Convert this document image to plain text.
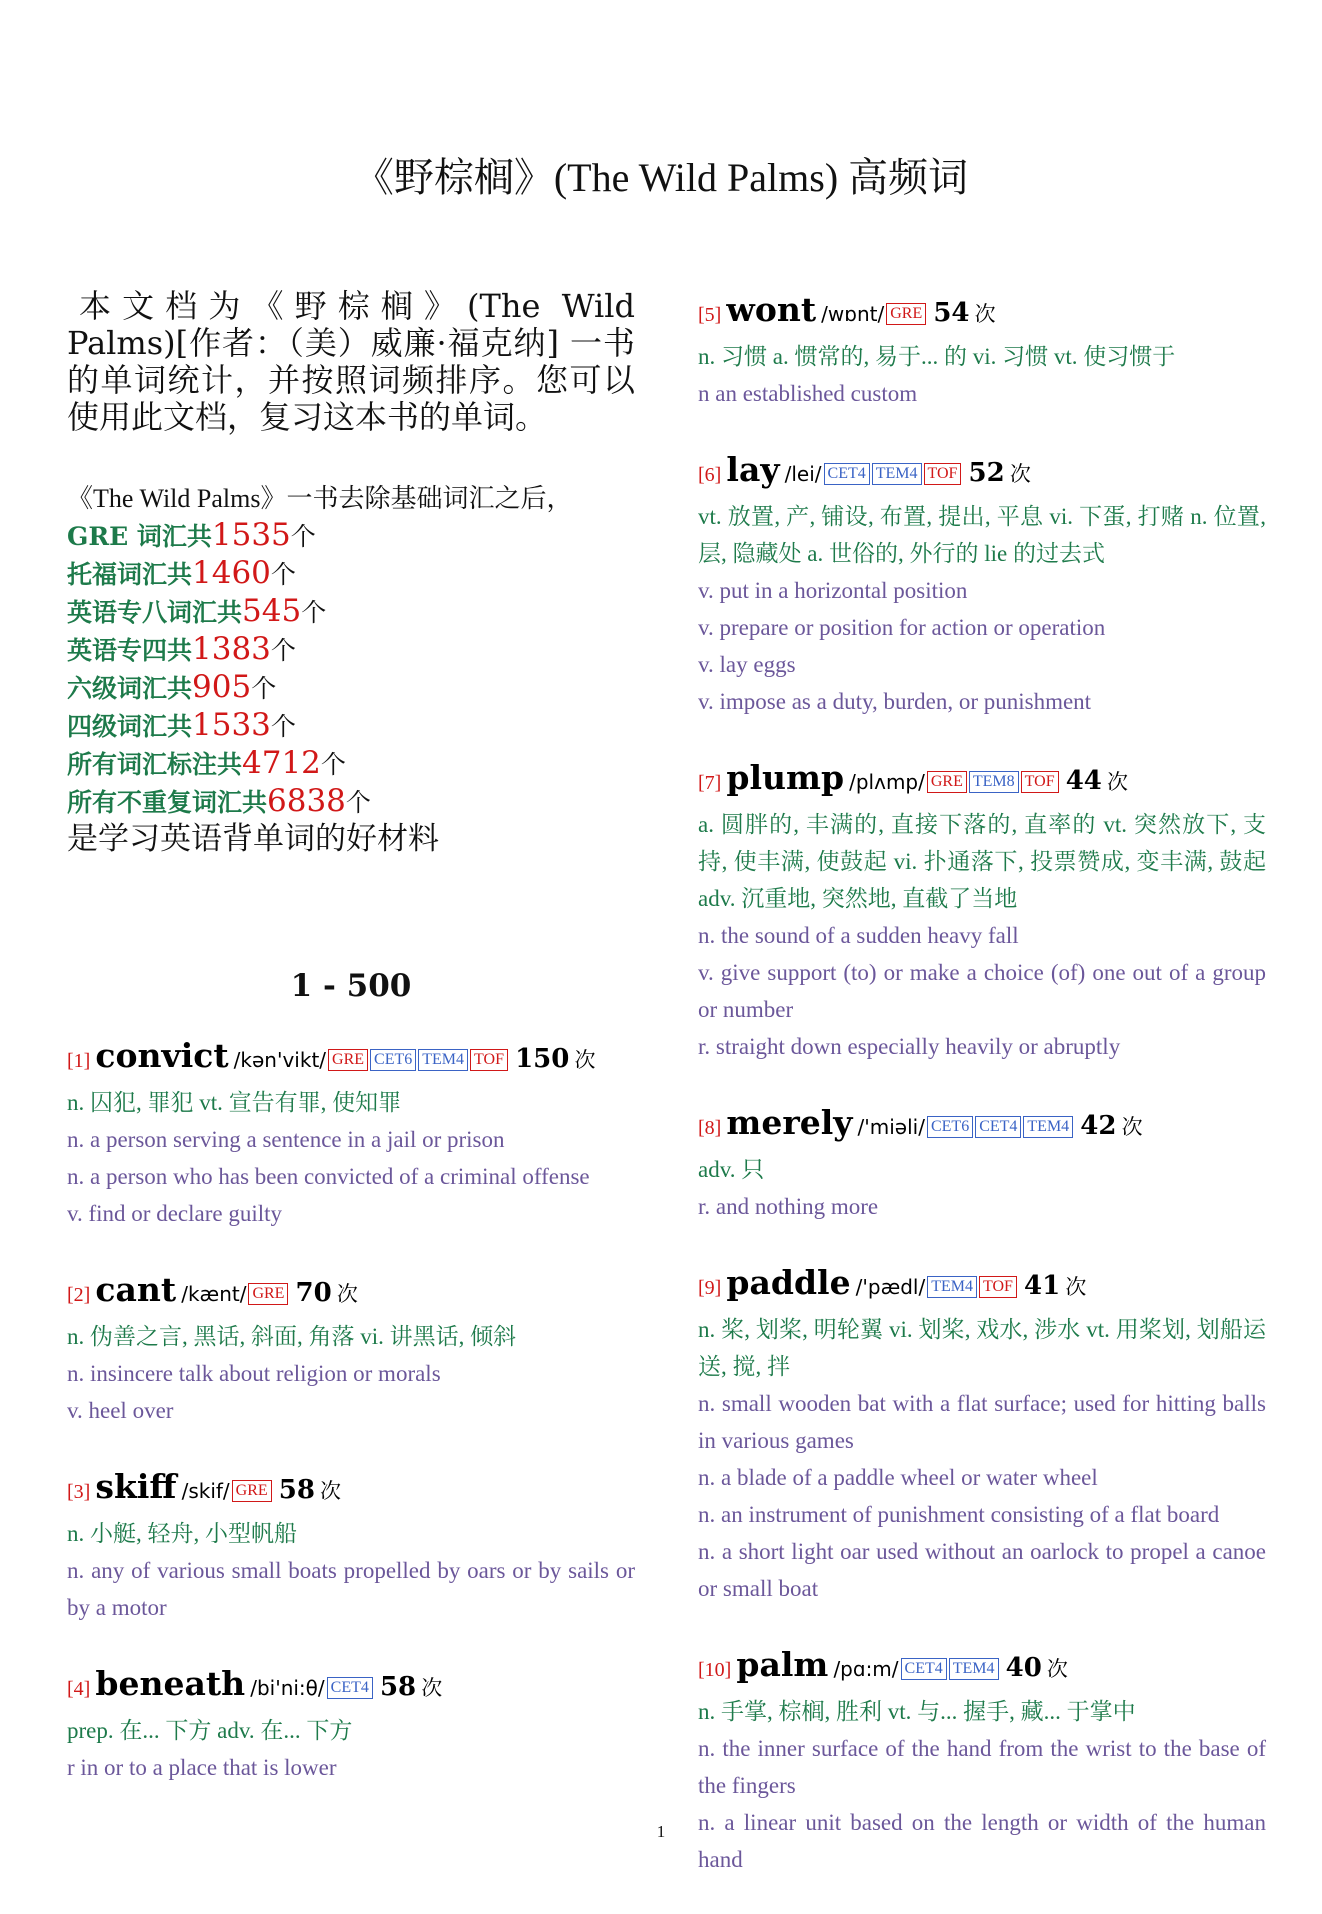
《野棕榈》(The Wild Palms) 高频词

本文档为《野棕榈》(The Wild Palms)[作者：（美）威廉·福克纳] 一书的单词统计，并按照词频排序。您可以使用此文档，复习这本书的单词。

《The Wild Palms》一书去除基础词汇之后，
GRE 词汇共1535个
托福词汇共1460个
英语专八词汇共545个
英语专四共1383个
六级词汇共905个
四级词汇共1533个
所有词汇标注共4712个
所有不重复词汇共6838个
是学习英语背单词的好材料
1 - 500
[1] convict /kən'vikt/ GRE CET6 TEM4 TOF 150 次
n. 囚犯, 罪犯 vt. 宣告有罪, 使知罪
n. a person serving a sentence in a jail or prison
n. a person who has been convicted of a criminal offense
v. find or declare guilty
[2] cant /kænt/ GRE 70 次
n. 伪善之言, 黑话, 斜面, 角落 vi. 讲黑话, 倾斜
n. insincere talk about religion or morals
v. heel over
[3] skiff /skif/ GRE 58 次
n. 小艇, 轻舟, 小型帆船
n. any of various small boats propelled by oars or by sails or by a motor
[4] beneath /bi'ni:θ/ CET4 58 次
prep. 在... 下方 adv. 在... 下方
r in or to a place that is lower
[5] wont /wɒnt/ GRE 54 次
n. 习惯 a. 惯常的, 易于... 的 vi. 习惯 vt. 使习惯于
n an established custom
[6] lay /lei/ CET4 TEM4 TOF 52 次
vt. 放置, 产, 铺设, 布置, 提出, 平息 vi. 下蛋, 打赌 n. 位置, 层, 隐藏处 a. 世俗的, 外行的 lie 的过去式
v. put in a horizontal position
v. prepare or position for action or operation
v. lay eggs
v. impose as a duty, burden, or punishment
[7] plump /plʌmp/ GRE TEM8 TOF 44 次
a. 圆胖的, 丰满的, 直接下落的, 直率的 vt. 突然放下, 支持, 使丰满, 使鼓起 vi. 扑通落下, 投票赞成, 变丰满, 鼓起 adv. 沉重地, 突然地, 直截了当地
n. the sound of a sudden heavy fall
v. give support (to) or make a choice (of) one out of a group or number
r. straight down especially heavily or abruptly
[8] merely /'miəli/ CET6 CET4 TEM4 42 次
adv. 只
r. and nothing more
[9] paddle /'pædl/ TEM4 TOF 41 次
n. 桨, 划桨, 明轮翼 vi. 划桨, 戏水, 涉水 vt. 用桨划, 划船运送, 搅, 拌
n. small wooden bat with a flat surface; used for hitting balls in various games
n. a blade of a paddle wheel or water wheel
n. an instrument of punishment consisting of a flat board
n. a short light oar used without an oarlock to propel a canoe or small boat
[10] palm /pɑ:m/ CET4 TEM4 40 次
n. 手掌, 棕榈, 胜利 vt. 与... 握手, 藏... 于掌中
n. the inner surface of the hand from the wrist to the base of the fingers
n. a linear unit based on the length or width of the human hand
1
